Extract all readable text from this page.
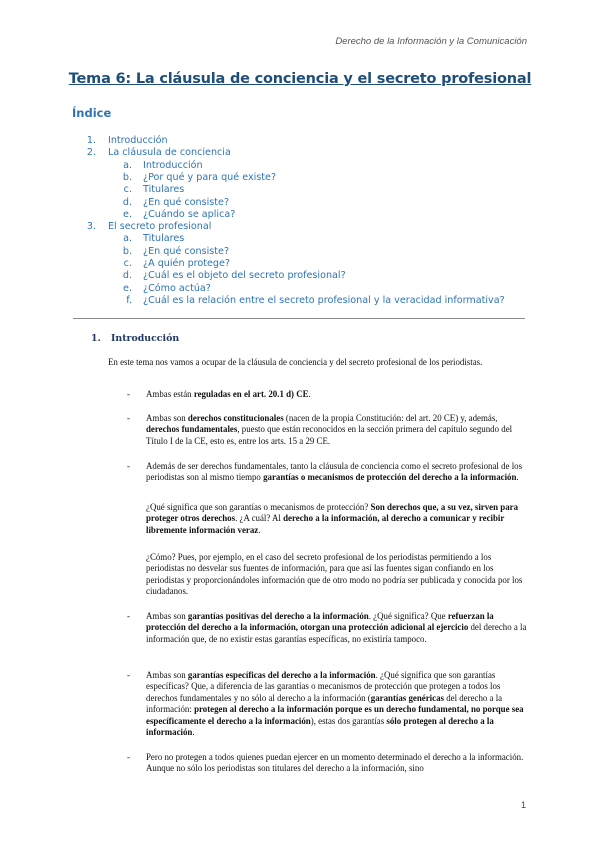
Derecho de la Información y la Comunicación
Tema 6: La cláusula de conciencia y el secreto profesional
Índice
1. Introducción
2. La cláusula de conciencia
a. Introducción
b. ¿Por qué y para qué existe?
c. Titulares
d. ¿En qué consiste?
e. ¿Cuándo se aplica?
3. El secreto profesional
a. Titulares
b. ¿En qué consiste?
c. ¿A quién protege?
d. ¿Cuál es el objeto del secreto profesional?
e. ¿Cómo actúa?
f. ¿Cuál es la relación entre el secreto profesional y la veracidad informativa?
1. Introducción
En este tema nos vamos a ocupar de la cláusula de conciencia y del secreto profesional de los periodistas.
- Ambas están reguladas en el art. 20.1 d) CE.
- Ambas son derechos constitucionales (nacen de la propia Constitución: del art. 20 CE) y, además, derechos fundamentales, puesto que están reconocidos en la sección primera del capítulo segundo del Título I de la CE, esto es, entre los arts. 15 a 29 CE.
- Además de ser derechos fundamentales, tanto la cláusula de conciencia como el secreto profesional de los periodistas son al mismo tiempo garantías o mecanismos de protección del derecho a la información.
¿Qué significa que son garantías o mecanismos de protección? Son derechos que, a su vez, sirven para proteger otros derechos. ¿A cuál? Al derecho a la información, al derecho a comunicar y recibir libremente información veraz.
¿Cómo? Pues, por ejemplo, en el caso del secreto profesional de los periodistas permitiendo a los periodistas no desvelar sus fuentes de información, para que así las fuentes sigan confiando en los periodistas y proporcionándoles información que de otro modo no podría ser publicada y conocida por los ciudadanos.
- Ambas son garantías positivas del derecho a la información. ¿Qué significa? Que refuerzan la protección del derecho a la información, otorgan una protección adicional al ejercicio del derecho a la información que, de no existir estas garantías específicas, no existiría tampoco.
- Ambas son garantías específicas del derecho a la información. ¿Qué significa que son garantías específicas? Que, a diferencia de las garantías o mecanismos de protección que protegen a todos los derechos fundamentales y no sólo al derecho a la información (garantías genéricas del derecho a la información: protegen al derecho a la información porque es un derecho fundamental, no porque sea específicamente el derecho a la información), estas dos garantías sólo protegen al derecho a la información.
- Pero no protegen a todos quienes puedan ejercer en un momento determinado el derecho a la información. Aunque no sólo los periodistas son titulares del derecho a la información, sino
1
